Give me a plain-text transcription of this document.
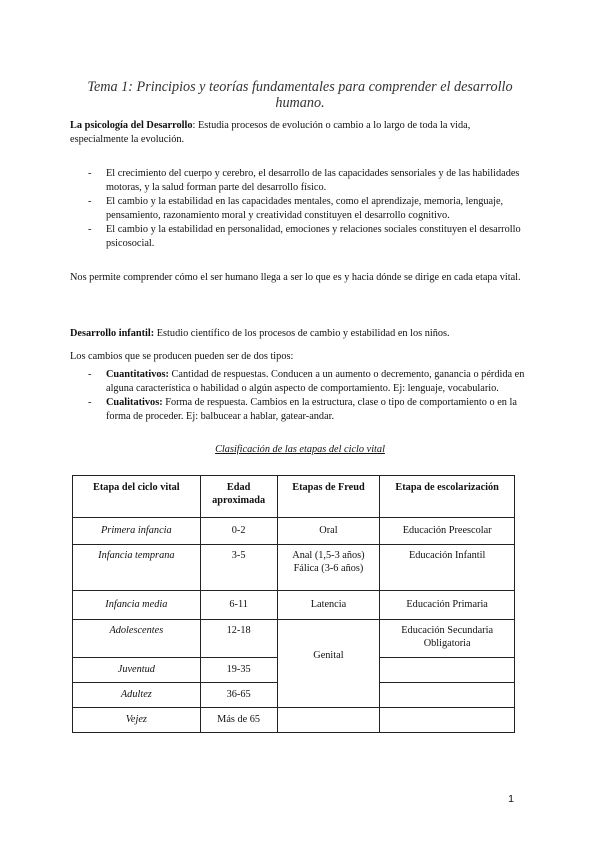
Tema 1: Principios y teorías fundamentales para comprender el desarrollo humano.

La psicología del Desarrollo: Estudia procesos de evolución o cambio a lo largo de toda la vida, especialmente la evolución.

- El crecimiento del cuerpo y cerebro, el desarrollo de las capacidades sensoriales y de las habilidades motoras, y la salud forman parte del desarrollo físico.
- El cambio y la estabilidad en las capacidades mentales, como el aprendizaje, memoria, lenguaje, pensamiento, razonamiento moral y creatividad constituyen el desarrollo cognitivo.
- El cambio y la estabilidad en personalidad, emociones y relaciones sociales constituyen el desarrollo psicosocial.

Nos permite comprender cómo el ser humano llega a ser lo que es y hacia dónde se dirige en cada etapa vital.

Desarrollo infantil: Estudio científico de los procesos de cambio y estabilidad en los niños.

Los cambios que se producen pueden ser de dos tipos:

- Cuantitativos: Cantidad de respuestas. Conducen a un aumento o decremento, ganancia o pérdida en alguna característica o habilidad o algún aspecto de comportamiento. Ej: lenguaje, vocabulario.
- Cualitativos: Forma de respuesta. Cambios en la estructura, clase o tipo de comportamiento o en la forma de proceder. Ej: balbucear a hablar, gatear-andar.
Clasificación de las etapas del ciclo vital
Etapa del ciclo vital	Edad aproximada	Etapas de Freud	Etapa de escolarización
Primera infancia	0-2	Oral	Educación Preescolar
Infancia temprana	3-5	Anal (1,5-3 años)
Fálica (3-6 años)	Educación Infantil
Infancia media	6-11	Latencia	Educación Primaria
Adolescentes	12-18	Genital	Educación Secundaria
Obligatoria

Juventud	19-35		
Adultez	36-65		
Vejez	Más de 65		
1
